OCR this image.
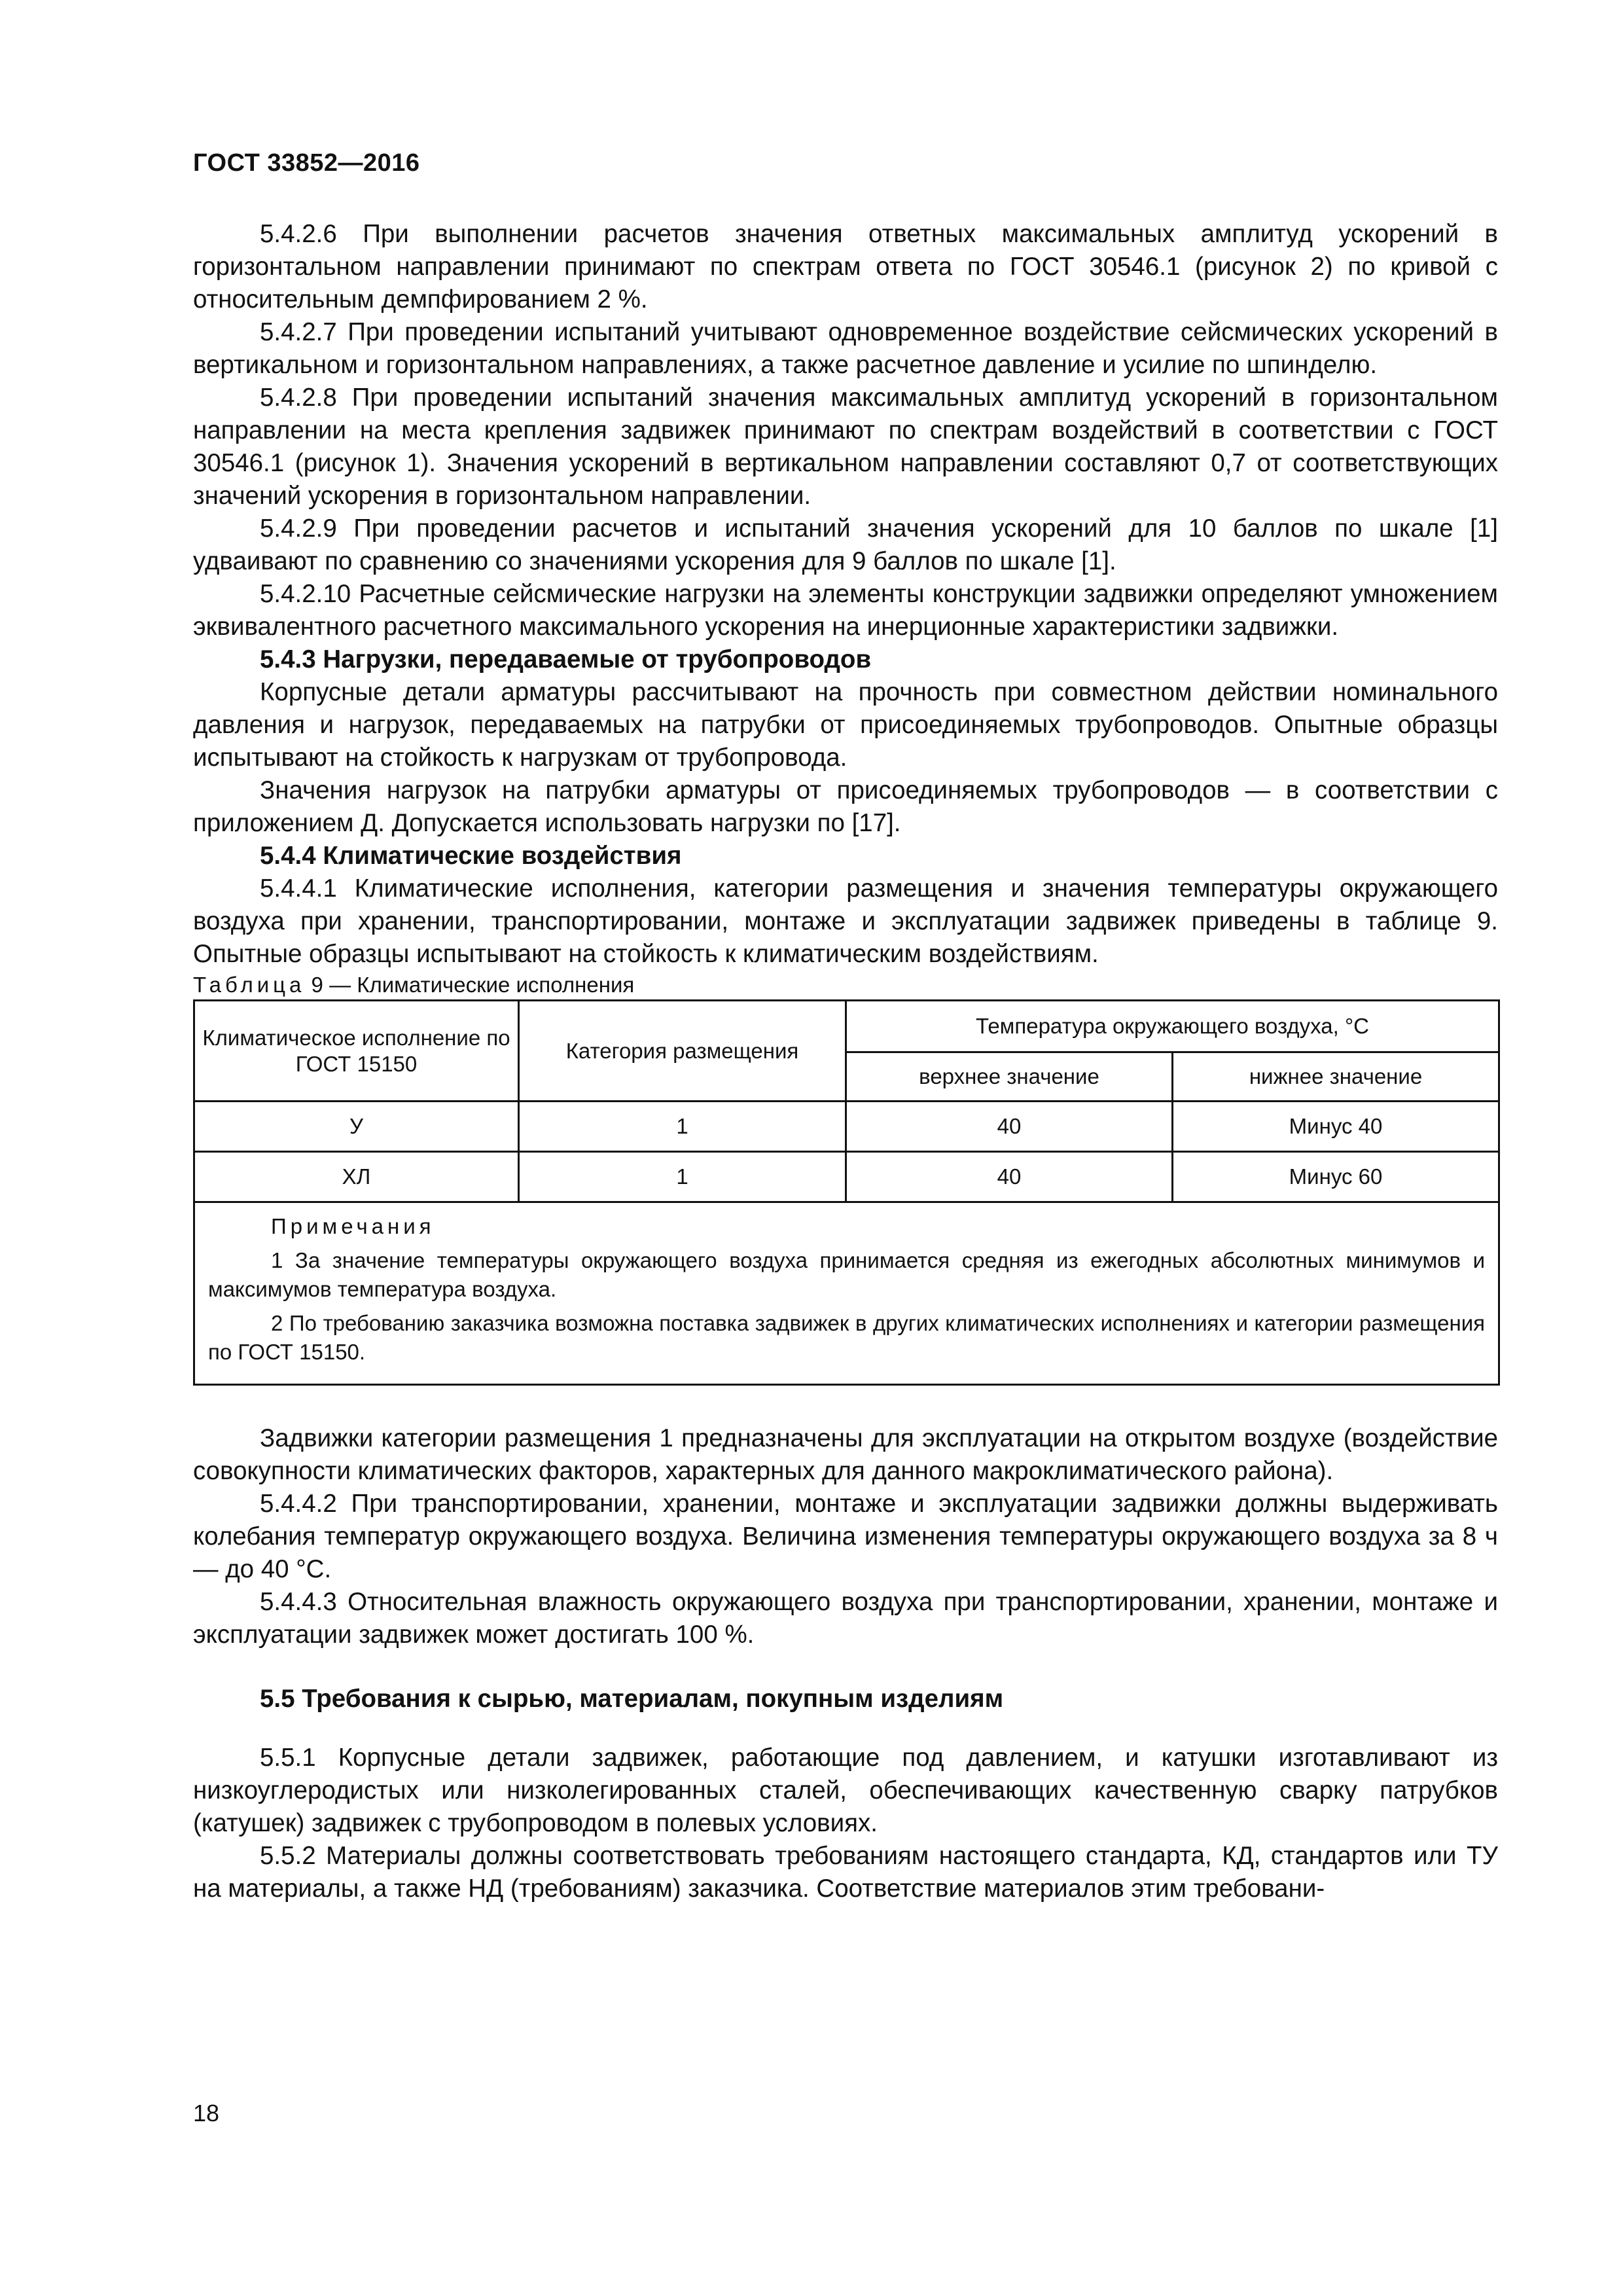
ГОСТ 33852—2016

5.4.2.6 При выполнении расчетов значения ответных максимальных амплитуд ускорений в горизонтальном направлении принимают по спектрам ответа по ГОСТ 30546.1 (рисунок 2) по кривой с относительным демпфированием 2 %.

5.4.2.7 При проведении испытаний учитывают одновременное воздействие сейсмических ускорений в вертикальном и горизонтальном направлениях, а также расчетное давление и усилие по шпинделю.

5.4.2.8 При проведении испытаний значения максимальных амплитуд ускорений в горизонтальном направлении на места крепления задвижек принимают по спектрам воздействий в соответствии с ГОСТ 30546.1 (рисунок 1). Значения ускорений в вертикальном направлении составляют 0,7 от соответствующих значений ускорения в горизонтальном направлении.

5.4.2.9 При проведении расчетов и испытаний значения ускорений для 10 баллов по шкале [1] удваивают по сравнению со значениями ускорения для 9 баллов по шкале [1].

5.4.2.10 Расчетные сейсмические нагрузки на элементы конструкции задвижки определяют умножением эквивалентного расчетного максимального ускорения на инерционные характеристики задвижки.

5.4.3 Нагрузки, передаваемые от трубопроводов

Корпусные детали арматуры рассчитывают на прочность при совместном действии номинального давления и нагрузок, передаваемых на патрубки от присоединяемых трубопроводов. Опытные образцы испытывают на стойкость к нагрузкам от трубопровода.

Значения нагрузок на патрубки арматуры от присоединяемых трубопроводов — в соответствии с приложением Д. Допускается использовать нагрузки по [17].

5.4.4 Климатические воздействия

5.4.4.1 Климатические исполнения, категории размещения и значения температуры окружающего воздуха при хранении, транспортировании, монтаже и эксплуатации задвижек приведены в таблице 9. Опытные образцы испытывают на стойкость к климатическим воздействиям.

Таблица 9 — Климатические исполнения

Климатическое исполнение по ГОСТ 15150	Категория размещения	Температура окружающего воздуха, °С	
		верхнее значение	нижнее значение
У	1	40	Минус 40
ХЛ	1	40	Минус 60

Примечания
1 За значение температуры окружающего воздуха принимается средняя из ежегодных абсолютных минимумов и максимумов температура воздуха.
2 По требованию заказчика возможна поставка задвижек в других климатических исполнениях и категории размещения по ГОСТ 15150.			

Задвижки категории размещения 1 предназначены для эксплуатации на открытом воздухе (воздействие совокупности климатических факторов, характерных для данного макроклиматического района).

5.4.4.2 При транспортировании, хранении, монтаже и эксплуатации задвижки должны выдерживать колебания температур окружающего воздуха. Величина изменения температуры окружающего воздуха за 8 ч — до 40 °С.

5.4.4.3 Относительная влажность окружающего воздуха при транспортировании, хранении, монтаже и эксплуатации задвижек может достигать 100 %.

5.5 Требования к сырью, материалам, покупным изделиям

5.5.1 Корпусные детали задвижек, работающие под давлением, и катушки изготавливают из низкоуглеродистых или низколегированных сталей, обеспечивающих качественную сварку патрубков (катушек) задвижек с трубопроводом в полевых условиях.

5.5.2 Материалы должны соответствовать требованиям настоящего стандарта, КД, стандартов или ТУ на материалы, а также НД (требованиям) заказчика. Соответствие материалов этим требовани-

18
